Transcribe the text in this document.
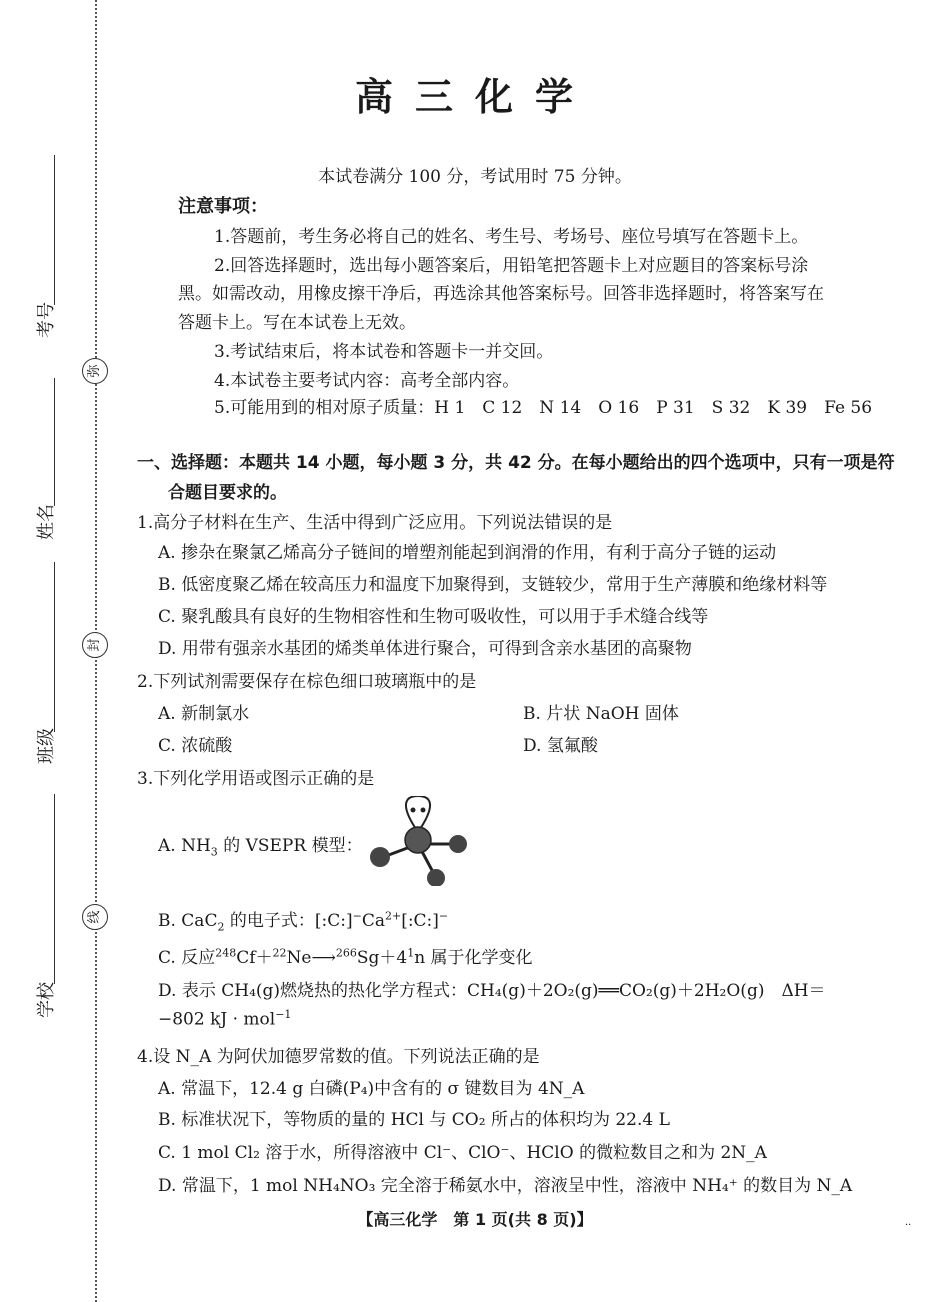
考号
姓名
班级
学校
弥
封
线
高三化学
本试卷满分 100 分，考试用时 75 分钟。
注意事项：
1.答题前，考生务必将自己的姓名、考生号、考场号、座位号填写在答题卡上。
2.回答选择题时，选出每小题答案后，用铅笔把答题卡上对应题目的答案标号涂
黑。如需改动，用橡皮擦干净后，再选涂其他答案标号。回答非选择题时，将答案写在
答题卡上。写在本试卷上无效。
3.考试结束后，将本试卷和答题卡一并交回。
4.本试卷主要考试内容：高考全部内容。
5.可能用到的相对原子质量：H 1　C 12　N 14　O 16　P 31　S 32　K 39　Fe 56
一、选择题：本题共 14 小题，每小题 3 分，共 42 分。在每小题给出的四个选项中，只有一项是符
合题目要求的。
1.高分子材料在生产、生活中得到广泛应用。下列说法错误的是
A. 掺杂在聚氯乙烯高分子链间的增塑剂能起到润滑的作用，有利于高分子链的运动
B. 低密度聚乙烯在较高压力和温度下加聚得到，支链较少，常用于生产薄膜和绝缘材料等
C. 聚乳酸具有良好的生物相容性和生物可吸收性，可以用于手术缝合线等
D. 用带有强亲水基团的烯类单体进行聚合，可得到含亲水基团的高聚物
2.下列试剂需要保存在棕色细口玻璃瓶中的是
A. 新制氯水	B. 片状 NaOH 固体
C. 浓硫酸	D. 氢氟酸
3.下列化学用语或图示正确的是
A. $NH_3$ 的 VSEPR 模型：
B. CaC$_2$ 的电子式：$[:C:]^-Ca^{2+}[:C:]^-$
C. 反应$^{248}Cf+^{22}Ne⟶^{266}Sg+4^1n$ 属于化学变化
D. 表示 CH₄(g)燃烧热的热化学方程式：CH₄(g)＋2O₂(g)══CO₂(g)＋2H₂O(g)　ΔH＝
−802 kJ · mol$^{-1}$
4.设 N_A 为阿伏加德罗常数的值。下列说法正确的是
A. 常温下，12.4 g 白磷(P₄)中含有的 σ 键数目为 4N_A
B. 标准状况下，等物质的量的 HCl 与 CO₂ 所占的体积均为 22.4 L
C. 1 mol Cl₂ 溶于水，所得溶液中 Cl⁻、ClO⁻、HClO 的微粒数目之和为 2N_A
D. 常温下，1 mol NH₄NO₃ 完全溶于稀氨水中，溶液呈中性，溶液中 NH₄⁺ 的数目为 N_A
【高三化学　第 1 页(共 8 页)】	··
